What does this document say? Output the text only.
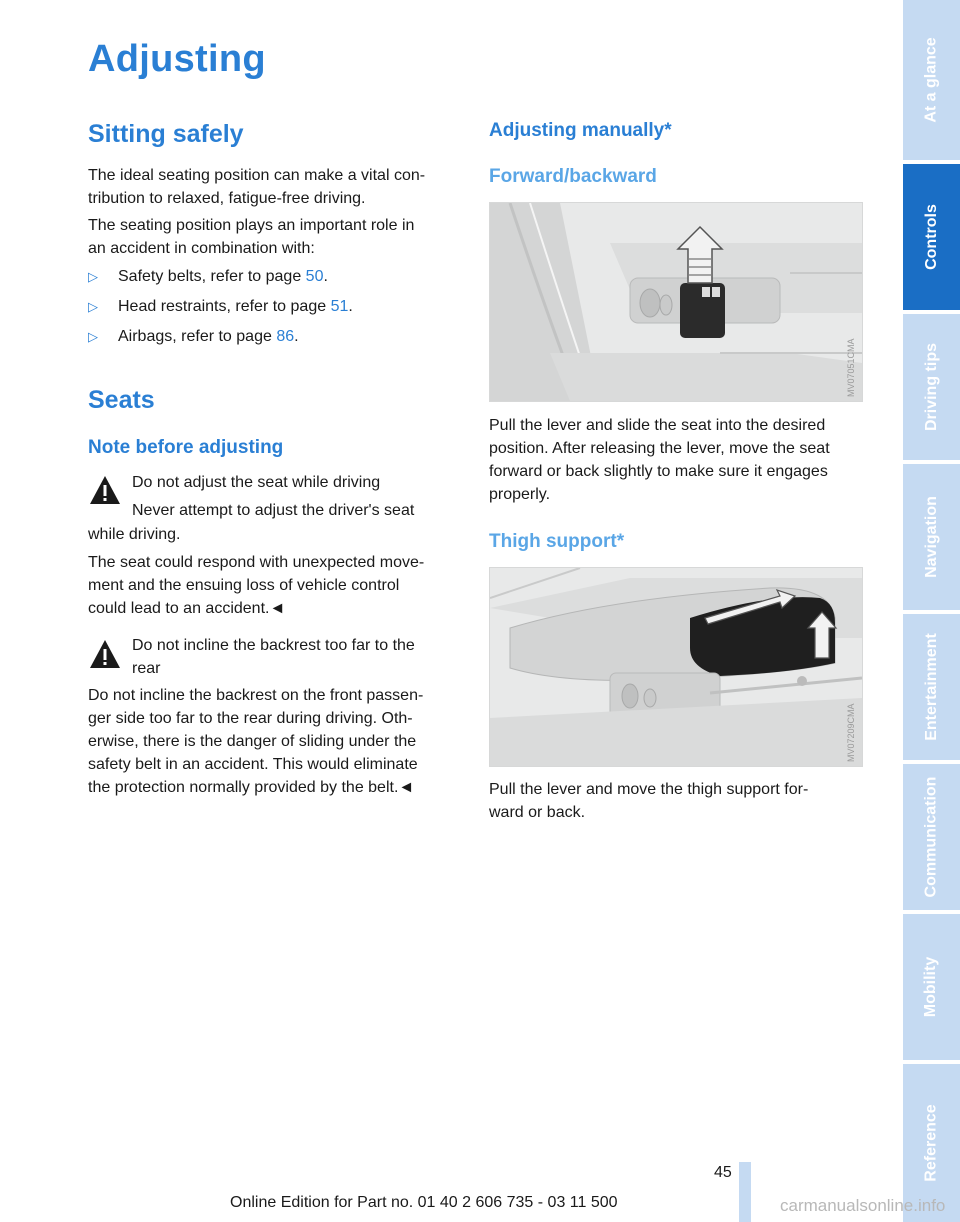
Adjusting
Sitting safely

The ideal seating position can make a vital con-

tribution to relaxed, fatigue-free driving.

The seating position plays an important role in

an accident in combination with:

▷ Safety belts, refer to page 50.
▷ Head restraints, refer to page 51.
▷ Airbags, refer to page 86.
Seats
Note before adjusting

Do not adjust the seat while driving

Never attempt to adjust the driver's seat

while driving.

The seat could respond with unexpected move-

ment and the ensuing loss of vehicle control

could lead to an accident.◄

Do not incline the backrest too far to the

rear

Do not incline the backrest on the front passen-

ger side too far to the rear during driving. Oth-

erwise, there is the danger of sliding under the

safety belt in an accident. This would eliminate

the protection normally provided by the belt.◄

Adjusting manually*
Forward/backward
MV07051CMA

Pull the lever and slide the seat into the desired

position. After releasing the lever, move the seat

forward or back slightly to make sure it engages

properly.

Thigh support*
MV07209CMA

Pull the lever and move the thigh support for-

ward or back.

At a glance
Controls
Driving tips
Navigation
Entertainment
Communication
Mobility
Reference
45
Online Edition for Part no. 01 40 2 606 735 - 03 11 500	carmanualsonline.info
